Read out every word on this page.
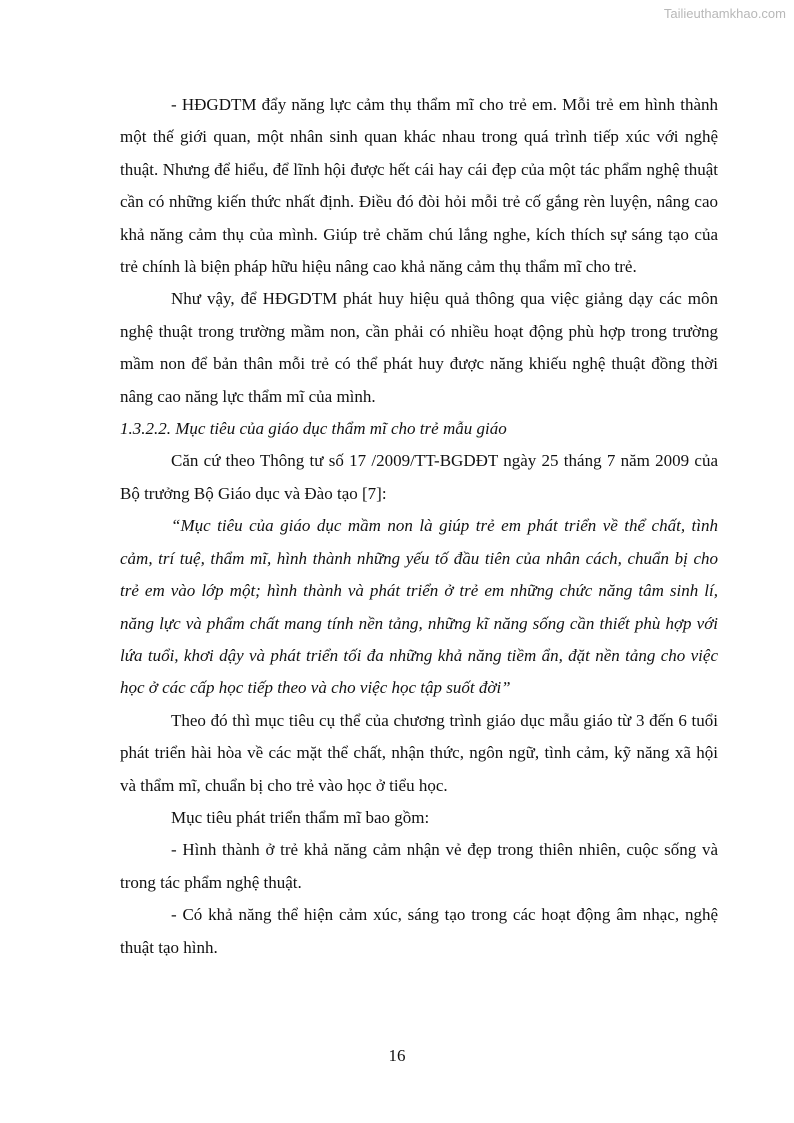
Tailieuthamkhao.com

- HĐGDTM đẩy năng lực cảm thụ thẩm mĩ cho trẻ em. Mỗi trẻ em hình thành một thế giới quan, một nhân sinh quan khác nhau trong quá trình tiếp xúc với nghệ thuật. Nhưng để hiểu, để lĩnh hội được hết cái hay cái đẹp của một tác phẩm nghệ thuật cần có những kiến thức nhất định. Điều đó đòi hỏi mỗi trẻ cố gắng rèn luyện, nâng cao khả năng cảm thụ của mình. Giúp trẻ chăm chú lắng nghe, kích thích sự sáng tạo của trẻ chính là biện pháp hữu hiệu nâng cao khả năng cảm thụ thẩm mĩ cho trẻ.

Như vậy, để HĐGDTM phát huy hiệu quả thông qua việc giảng dạy các môn nghệ thuật trong trường mầm non, cần phải có nhiều hoạt động phù hợp trong trường mầm non để bản thân mỗi trẻ có thể phát huy được năng khiếu nghệ thuật đồng thời nâng cao năng lực thẩm mĩ của mình.

1.3.2.2. Mục tiêu của giáo dục thẩm mĩ cho trẻ mẫu giáo

Căn cứ theo Thông tư số 17 /2009/TT-BGDĐT ngày 25 tháng 7 năm 2009 của Bộ trưởng Bộ Giáo dục và Đào tạo [7]:

“Mục tiêu của giáo dục mầm non là giúp trẻ em phát triển về thể chất, tình cảm, trí tuệ, thẩm mĩ, hình thành những yếu tố đầu tiên của nhân cách, chuẩn bị cho trẻ em vào lớp một; hình thành và phát triển ở trẻ em những chức năng tâm sinh lí, năng lực và phẩm chất mang tính nền tảng, những kĩ năng sống cần thiết phù hợp với lứa tuổi, khơi dậy và phát triển tối đa những khả năng tiềm ẩn, đặt nền tảng cho việc học ở các cấp học tiếp theo và cho việc học tập suốt đời”

Theo đó thì mục tiêu cụ thể của chương trình giáo dục mẫu giáo từ 3 đến 6 tuổi phát triển hài hòa về các mặt thể chất, nhận thức, ngôn ngữ, tình cảm, kỹ năng xã hội và thẩm mĩ, chuẩn bị cho trẻ vào học ở tiểu học.

Mục tiêu phát triển thẩm mĩ bao gồm:

- Hình thành ở trẻ khả năng cảm nhận vẻ đẹp trong thiên nhiên, cuộc sống và trong tác phẩm nghệ thuật.

- Có khả năng thể hiện cảm xúc, sáng tạo trong các hoạt động âm nhạc, nghệ thuật tạo hình.

16
